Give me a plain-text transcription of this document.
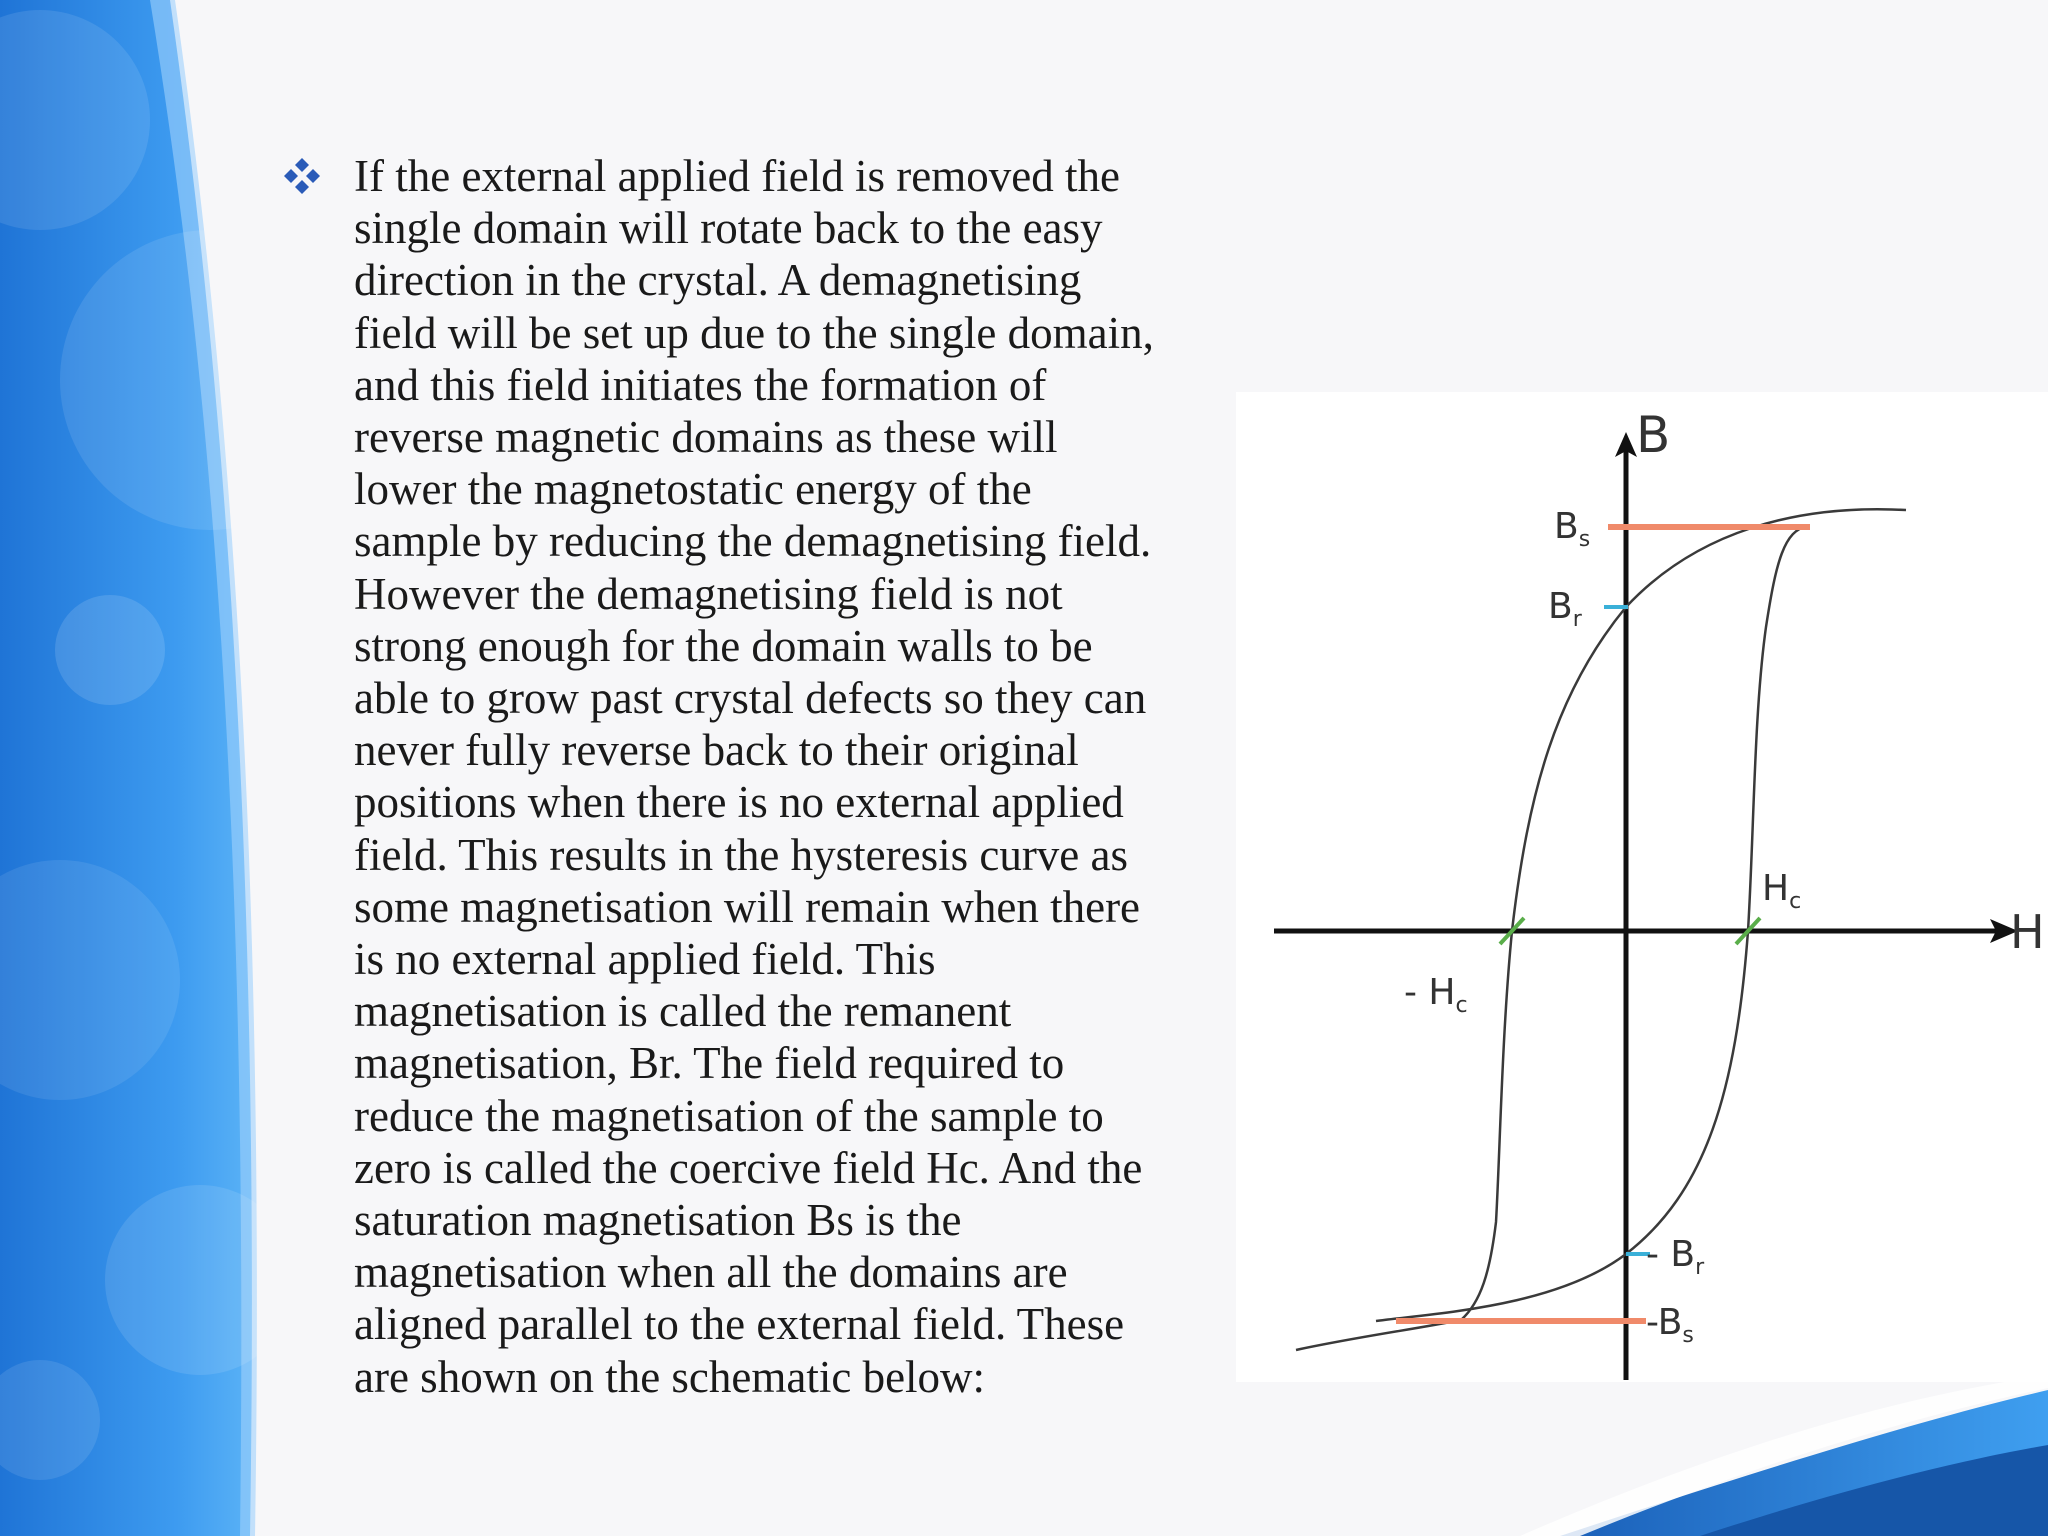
If the external applied field is removed the
single domain will rotate back to the easy
direction in the crystal. A demagnetising
field will be set up due to the single domain,
and this field initiates the formation of
reverse magnetic domains as these will
lower the magnetostatic energy of the
sample by reducing the demagnetising field.
However the demagnetising field is not
strong enough for the domain walls to be
able to grow past crystal defects so they can
never fully reverse back to their original
positions when there is no external applied
field. This results in the hysteresis curve as
some magnetisation will remain when there
is no external applied field. This
magnetisation is called the remanent
magnetisation, Br. The field required to
reduce the magnetisation of the sample to
zero is called the coercive field Hc. And the
saturation magnetisation Bs is the
magnetisation when all the domains are
aligned parallel to the external field. These
are shown on the schematic below:

B
H
$B_s$
$B_r$
$H_c$
- $H_c$
- $B_r$
$-B_s$
